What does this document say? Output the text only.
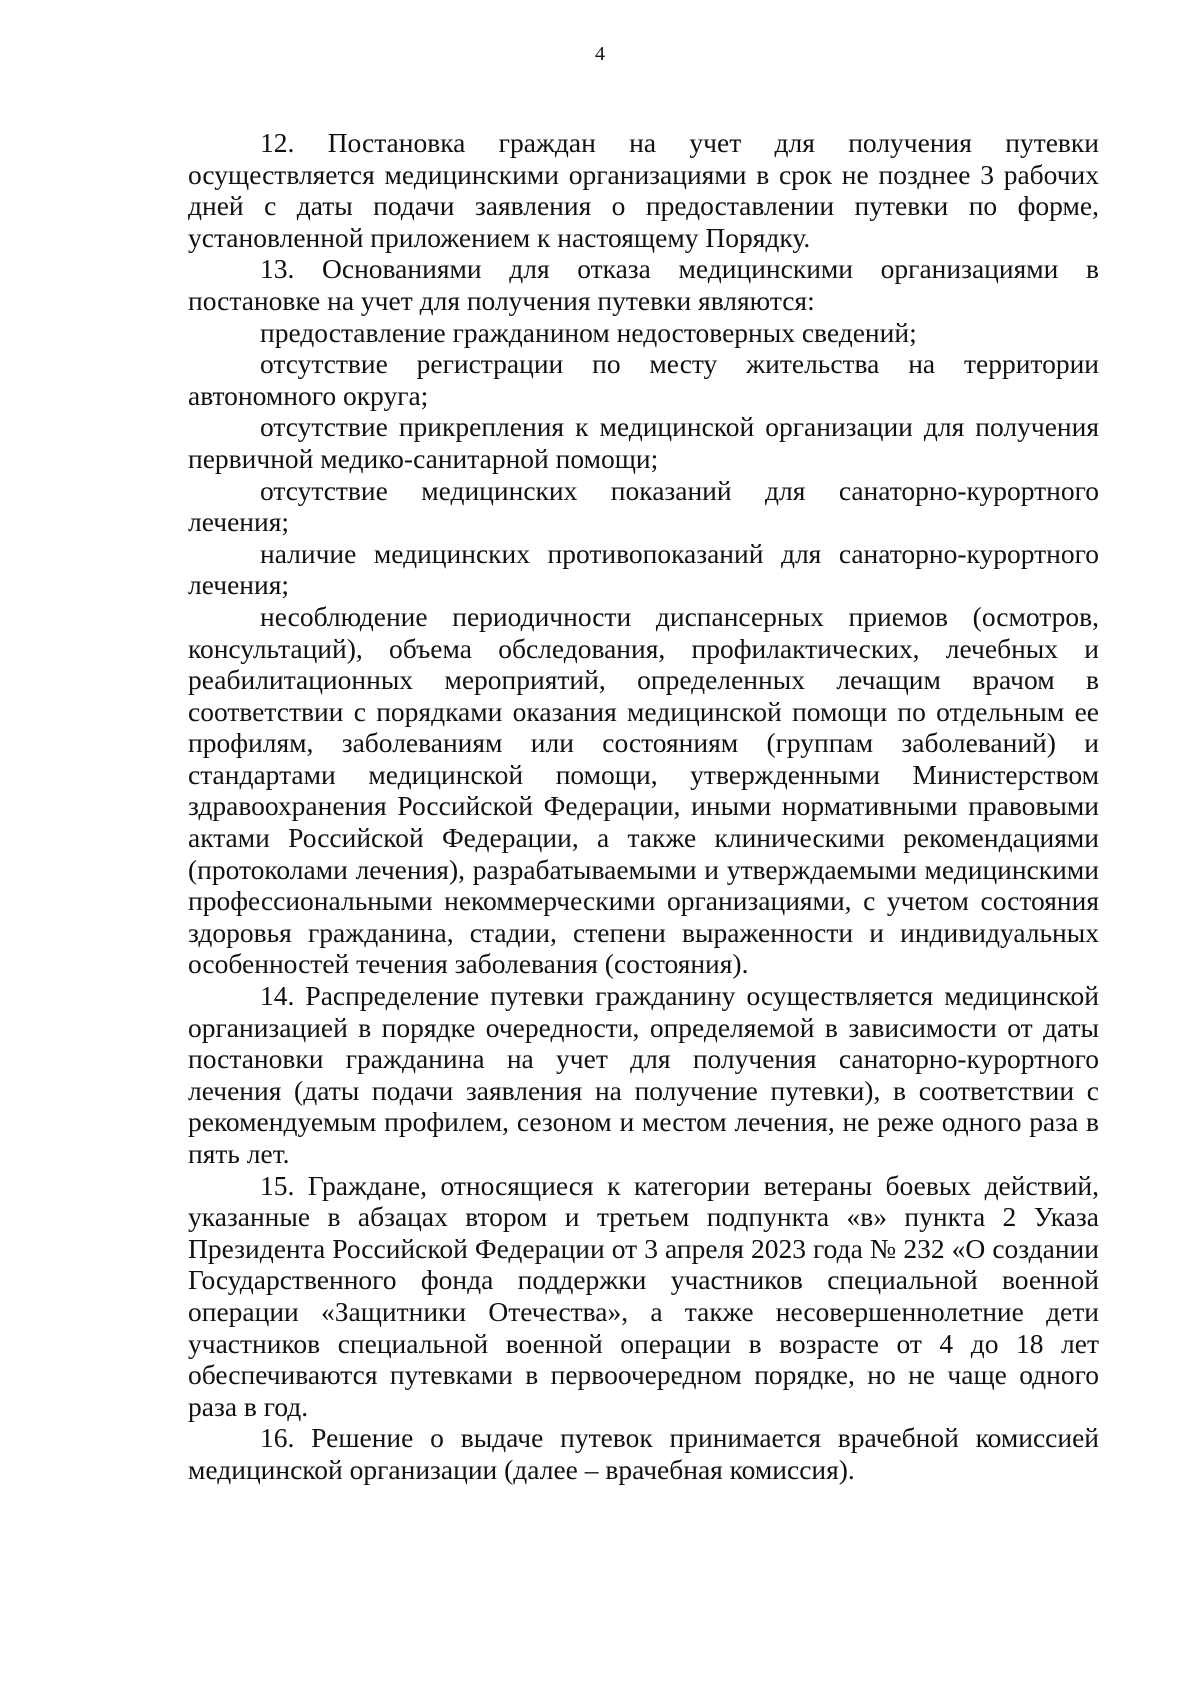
4

12. Постановка граждан на учет для получения путевки осуществляется медицинскими организациями в срок не позднее 3 рабочих дней с даты подачи заявления о предоставлении путевки по форме, установленной приложением к настоящему Порядку.

13. Основаниями для отказа медицинскими организациями в постановке на учет для получения путевки являются:

предоставление гражданином недостоверных сведений;

отсутствие регистрации по месту жительства на территории автономного округа;

отсутствие прикрепления к медицинской организации для получения первичной медико-санитарной помощи;

отсутствие медицинских показаний для санаторно-курортного лечения;

наличие медицинских противопоказаний для санаторно-курортного лечения;

несоблюдение периодичности диспансерных приемов (осмотров, консультаций), объема обследования, профилактических, лечебных и реабилитационных мероприятий, определенных лечащим врачом в соответствии с порядками оказания медицинской помощи по отдельным ее профилям, заболеваниям или состояниям (группам заболеваний) и стандартами медицинской помощи, утвержденными Министерством здравоохранения Российской Федерации, иными нормативными правовыми актами Российской Федерации, а также клиническими рекомендациями (протоколами лечения), разрабатываемыми и утверждаемыми медицинскими профессиональными некоммерческими организациями, с учетом состояния здоровья гражданина, стадии, степени выраженности и индивидуальных особенностей течения заболевания (состояния).

14. Распределение путевки гражданину осуществляется медицинской организацией в порядке очередности, определяемой в зависимости от даты постановки гражданина на учет для получения санаторно-курортного лечения (даты подачи заявления на получение путевки), в соответствии с рекомендуемым профилем, сезоном и местом лечения, не реже одного раза в пять лет.

15. Граждане, относящиеся к категории ветераны боевых действий, указанные в абзацах втором и третьем подпункта «в» пункта 2 Указа Президента Российской Федерации от 3 апреля 2023 года № 232 «О создании Государственного фонда поддержки участников специальной военной операции «Защитники Отечества», а также несовершеннолетние дети участников специальной военной операции в возрасте от 4 до 18 лет обеспечиваются путевками в первоочередном порядке, но не чаще одного раза в год.

16. Решение о выдаче путевок принимается врачебной комиссией медицинской организации (далее – врачебная комиссия).
